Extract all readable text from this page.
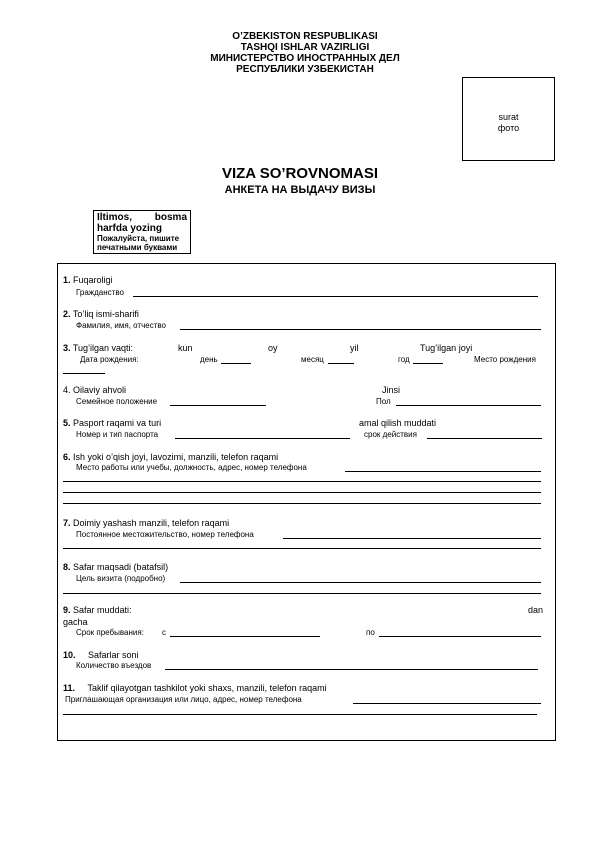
O’ZBEKISTON RESPUBLIKASI
TASHQI ISHLAR VAZIRLIGI
МИНИСТЕРСТВО ИНОСТРАННЫХ ДЕЛ
РЕСПУБЛИКИ УЗБЕКИСТАН
surat
фото
VIZA SO’ROVNOMASI
АНКЕТА НА ВЫДАЧУ ВИЗЫ
Iltimos, bosma harfda yozing
Пожалуйста, пишите печатными буквами
1. Fuqaroligi
Гражданство
2. To’liq ismi-sharifi
Фамилия, имя, отчество
3. Tug’ilgan vaqti:	kun	oy	yil	Tug’ilgan joyi
Дата рождения:	день	месяц	год	Место рождения
4. Oilaviy ahvoli	Jinsi
Семейное положение	Пол
5. Pasport raqami va turi	amal qilish muddati
Номер и тип паспорта	срок действия
6. Ish yoki o’qish joyi, lavozimi, manzili, telefon raqami
Место работы или учебы, должность, адрес, номер телефона
7. Doimiy yashash manzili, telefon raqami
Постоянное местожительство, номер телефона
8. Safar maqsadi (batafsil)
Цель визита (подробно)
9. Safar muddati:	dan
gacha
Срок пребывания: с	по
10. Safarlar soni
Количество въездов
11. Taklif qilayotgan tashkilot yoki shaxs, manzili, telefon raqami
Приглашающая организация или лицо, адрес, номер телефона
